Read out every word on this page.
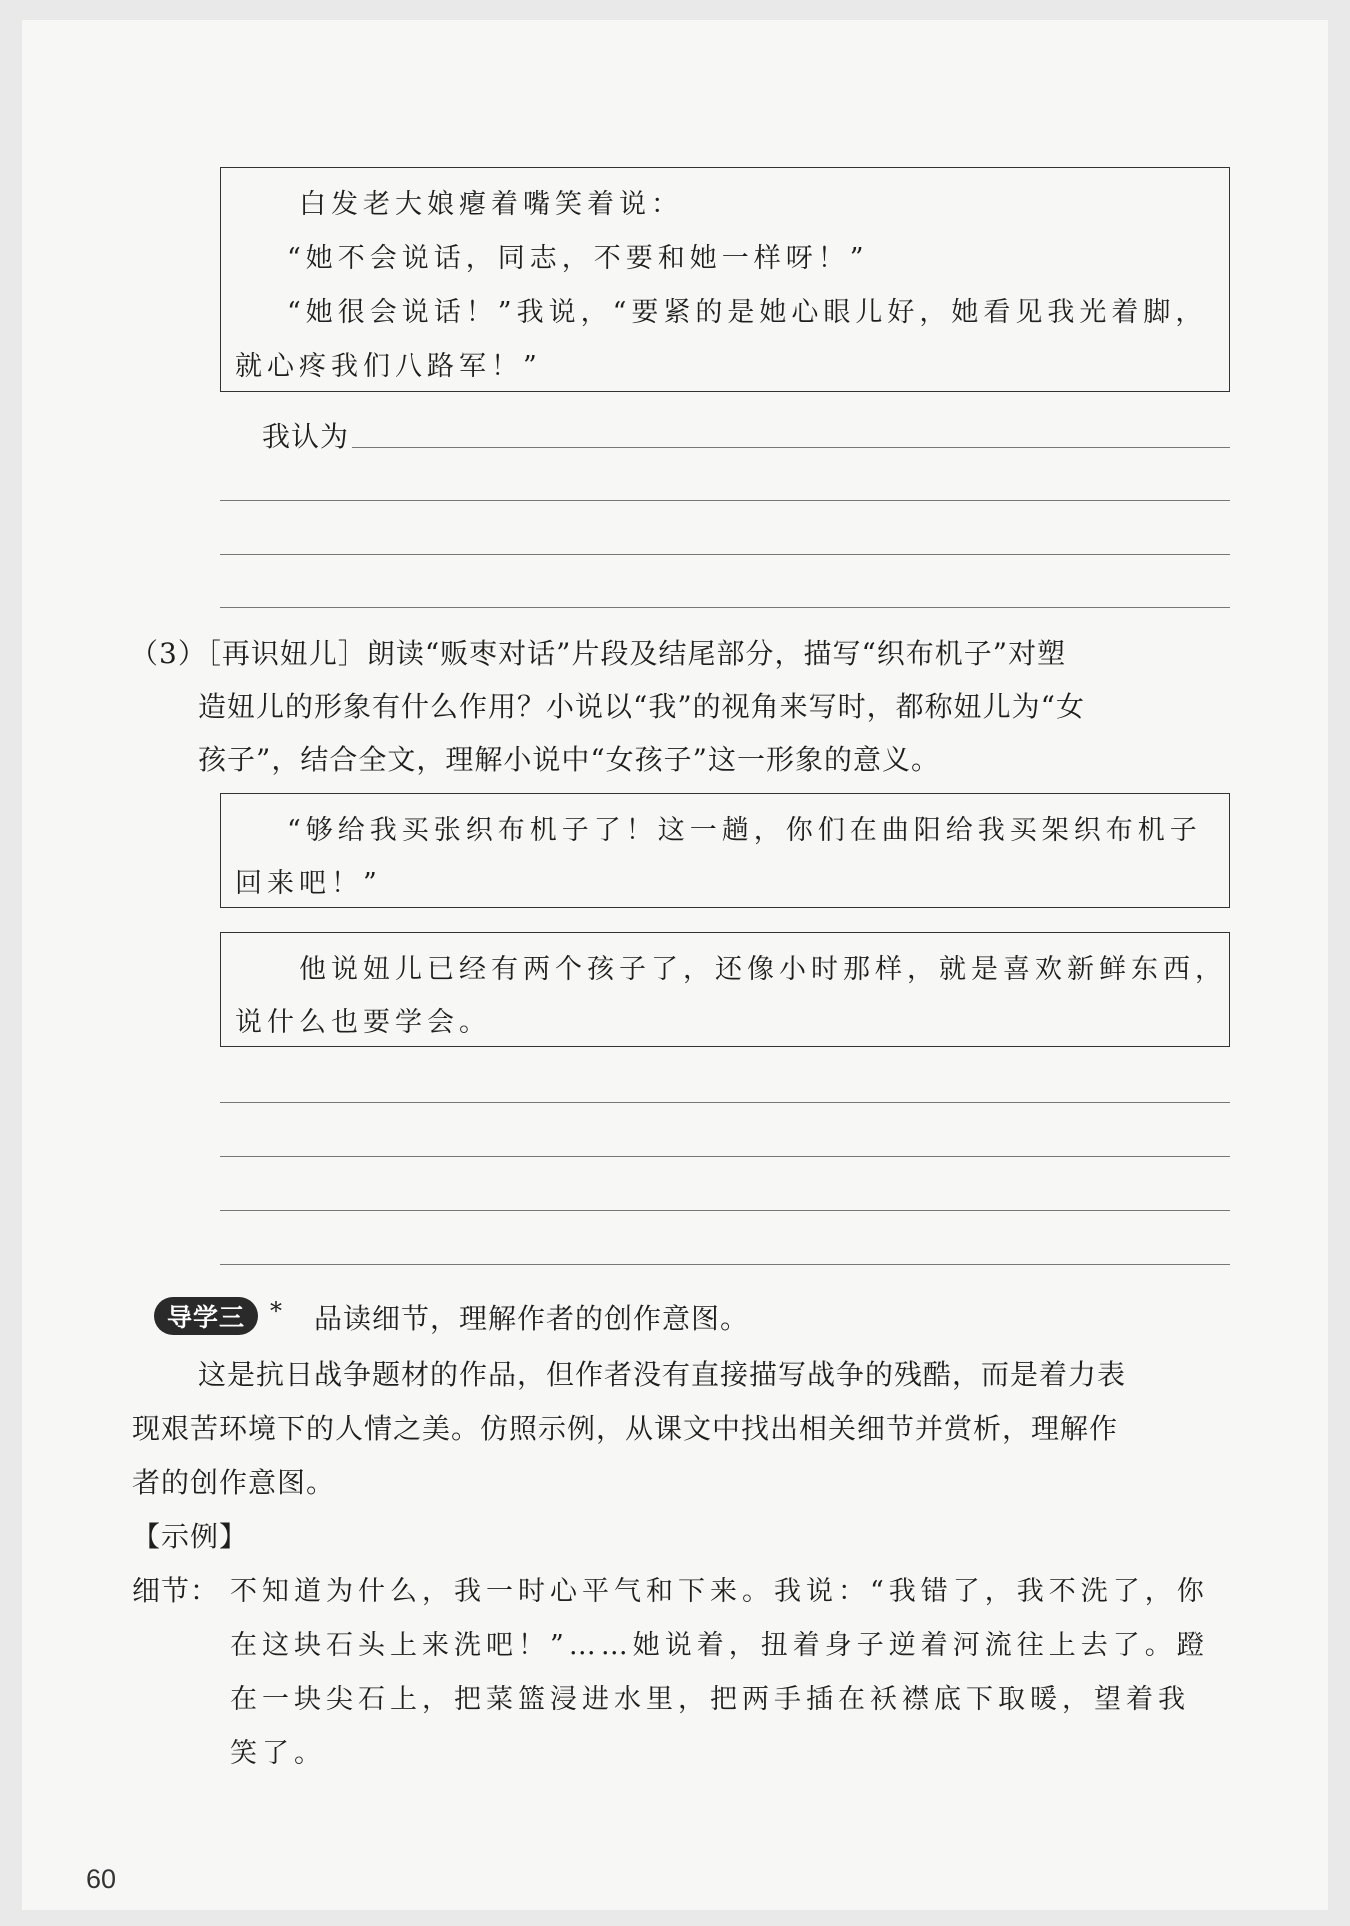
白发老大娘瘪着嘴笑着说：
“她不会说话，同志，不要和她一样呀！”
“她很会说话！”我说，“要紧的是她心眼儿好，她看见我光着脚，
就心疼我们八路军！”
我认为
（3）［再识妞儿］朗读“贩枣对话”片段及结尾部分，描写“织布机子”对塑
造妞儿的形象有什么作用？小说以“我”的视角来写时，都称妞儿为“女
孩子”，结合全文，理解小说中“女孩子”这一形象的意义。
“够给我买张织布机子了！这一趟，你们在曲阳给我买架织布机子
回来吧！”
他说妞儿已经有两个孩子了，还像小时那样，就是喜欢新鲜东西，
说什么也要学会。
导学三	* 品读细节，理解作者的创作意图。
这是抗日战争题材的作品，但作者没有直接描写战争的残酷，而是着力表
现艰苦环境下的人情之美。仿照示例，从课文中找出相关细节并赏析，理解作
者的创作意图。
【示例】
细节： 不知道为什么，我一时心平气和下来。我说：“我错了，我不洗了，你
在这块石头上来洗吧！”……她说着，扭着身子逆着河流往上去了。蹬
在一块尖石上，把菜篮浸进水里，把两手插在袄襟底下取暖，望着我
笑了。
60
